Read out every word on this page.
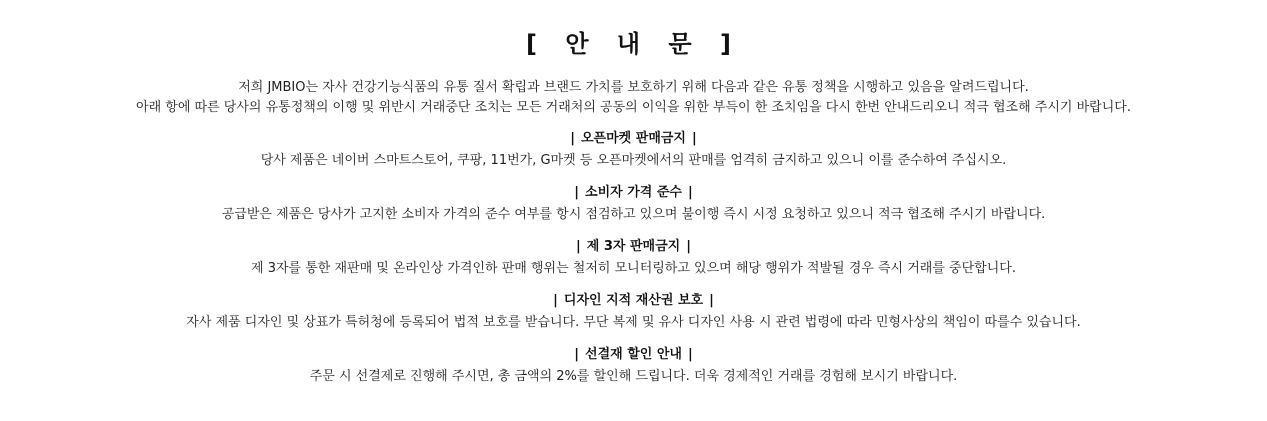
[ 안 내 문 ]
저희 JMBIO는 자사 건강기능식품의 유통 질서 확립과 브랜드 가치를 보호하기 위해 다음과 같은 유통 정책을 시행하고 있음을 알려드립니다.
아래 항에 따른 당사의 유통정책의 이행 및 위반시 거래중단 조치는 모든 거래처의 공동의 이익을 위한 부득이 한 조치임을 다시 한번 안내드리오니 적극 협조해 주시기 바랍니다.
| 오픈마켓 판매금지 |
당사 제품은 네이버 스마트스토어, 쿠팡, 11번가, G마켓 등 오픈마켓에서의 판매를 엄격히 금지하고 있으니 이를 준수하여 주십시오.
| 소비자 가격 준수 |
공급받은 제품은 당사가 고지한 소비자 가격의 준수 여부를 항시 점검하고 있으며 불이행 즉시 시정 요청하고 있으니 적극 협조해 주시기 바랍니다.
| 제 3자 판매금지 |
제 3자를 통한 재판매 및 온라인상 가격인하 판매 행위는 철저히 모니터링하고 있으며 해당 행위가 적발될 경우 즉시 거래를 중단합니다.
| 디자인 지적 재산권 보호 |
자사 제품 디자인 및 상표가 특허청에 등록되어 법적 보호를 받습니다. 무단 복제 및 유사 디자인 사용 시 관련 법령에 따라 민형사상의 책임이 따를수 있습니다.
| 선결재 할인 안내 |
주문 시 선결제로 진행해 주시면, 총 금액의 2%를 할인해 드립니다. 더욱 경제적인 거래를 경험해 보시기 바랍니다.
